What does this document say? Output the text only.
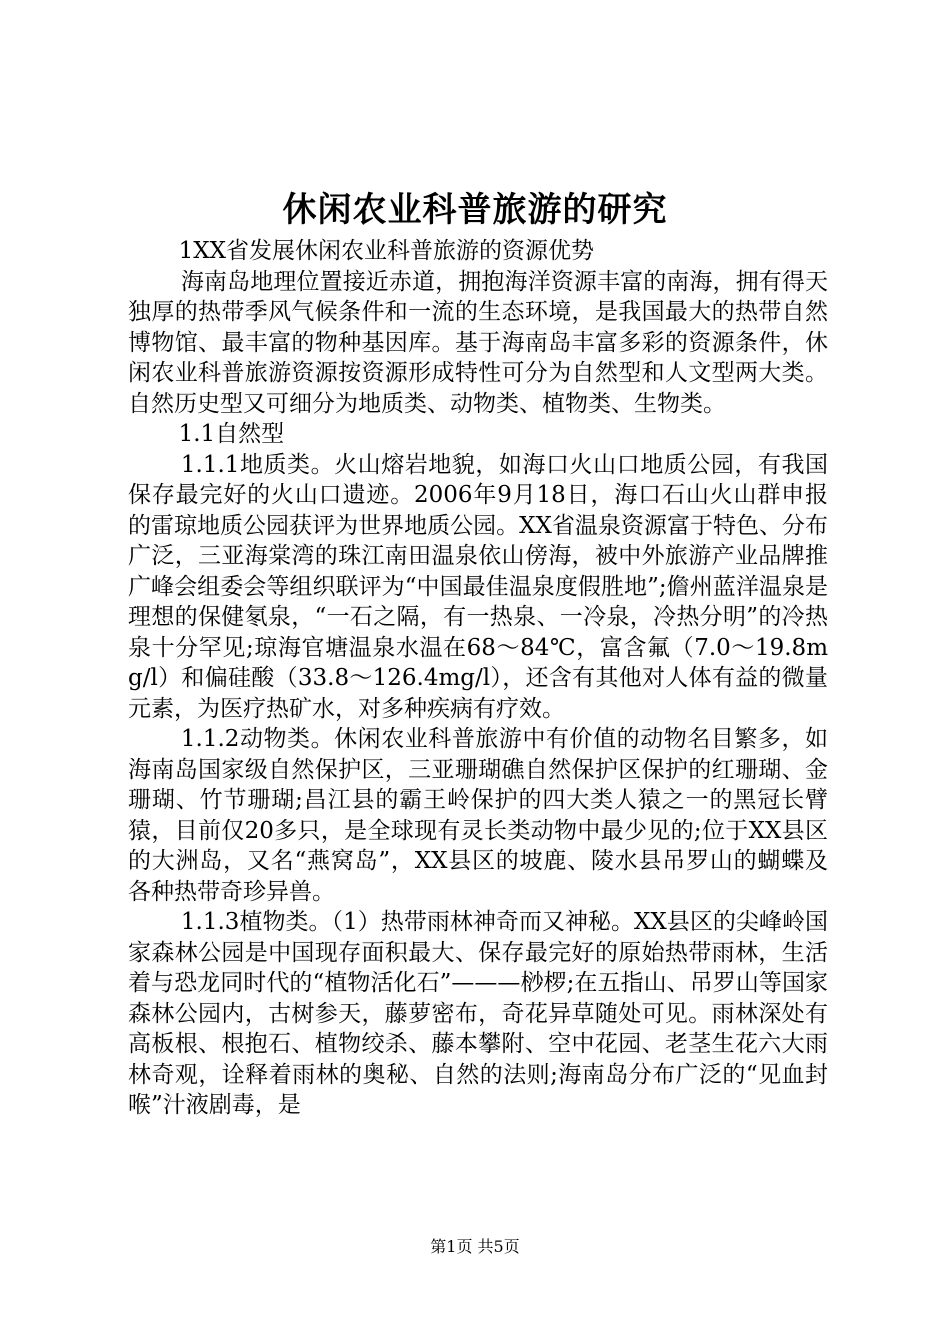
休闲农业科普旅游的研究

1XX省发展休闲农业科普旅游的资源优势

海南岛地理位置接近赤道，拥抱海洋资源丰富的南海，拥有得天独厚的热带季风气候条件和一流的生态环境，是我国最大的热带自然博物馆、最丰富的物种基因库。基于海南岛丰富多彩的资源条件，休闲农业科普旅游资源按资源形成特性可分为自然型和人文型两大类。自然历史型又可细分为地质类、动物类、植物类、生物类。

1.1自然型

1.1.1地质类。火山熔岩地貌，如海口火山口地质公园，有我国保存最完好的火山口遗迹。2006年9月18日，海口石山火山群申报的雷琼地质公园获评为世界地质公园。XX省温泉资源富于特色、分布广泛，三亚海棠湾的珠江南田温泉依山傍海，被中外旅游产业品牌推广峰会组委会等组织联评为“中国最佳温泉度假胜地”;儋州蓝洋温泉是理想的保健氡泉，“一石之隔，有一热泉、一冷泉，冷热分明”的冷热泉十分罕见;琼海官塘温泉水温在68～84℃，富含氟（7.0～19.8mg/l）和偏硅酸（33.8～126.4mg/l），还含有其他对人体有益的微量元素，为医疗热矿水，对多种疾病有疗效。

1.1.2动物类。休闲农业科普旅游中有价值的动物名目繁多，如海南岛国家级自然保护区，三亚珊瑚礁自然保护区保护的红珊瑚、金珊瑚、竹节珊瑚;昌江县的霸王岭保护的四大类人猿之一的黑冠长臂猿，目前仅20多只，是全球现有灵长类动物中最少见的;位于XX县区的大洲岛，又名“燕窝岛”，XX县区的坡鹿、陵水县吊罗山的蝴蝶及各种热带奇珍异兽。

1.1.3植物类。（1）热带雨林神奇而又神秘。XX县区的尖峰岭国家森林公园是中国现存面积最大、保存最完好的原始热带雨林，生活着与恐龙同时代的“植物活化石”———桫椤;在五指山、吊罗山等国家森林公园内，古树参天，藤萝密布，奇花异草随处可见。雨林深处有高板根、根抱石、植物绞杀、藤本攀附、空中花园、老茎生花六大雨林奇观，诠释着雨林的奥秘、自然的法则;海南岛分布广泛的“见血封喉”汁液剧毒，是

第1页 共5页
